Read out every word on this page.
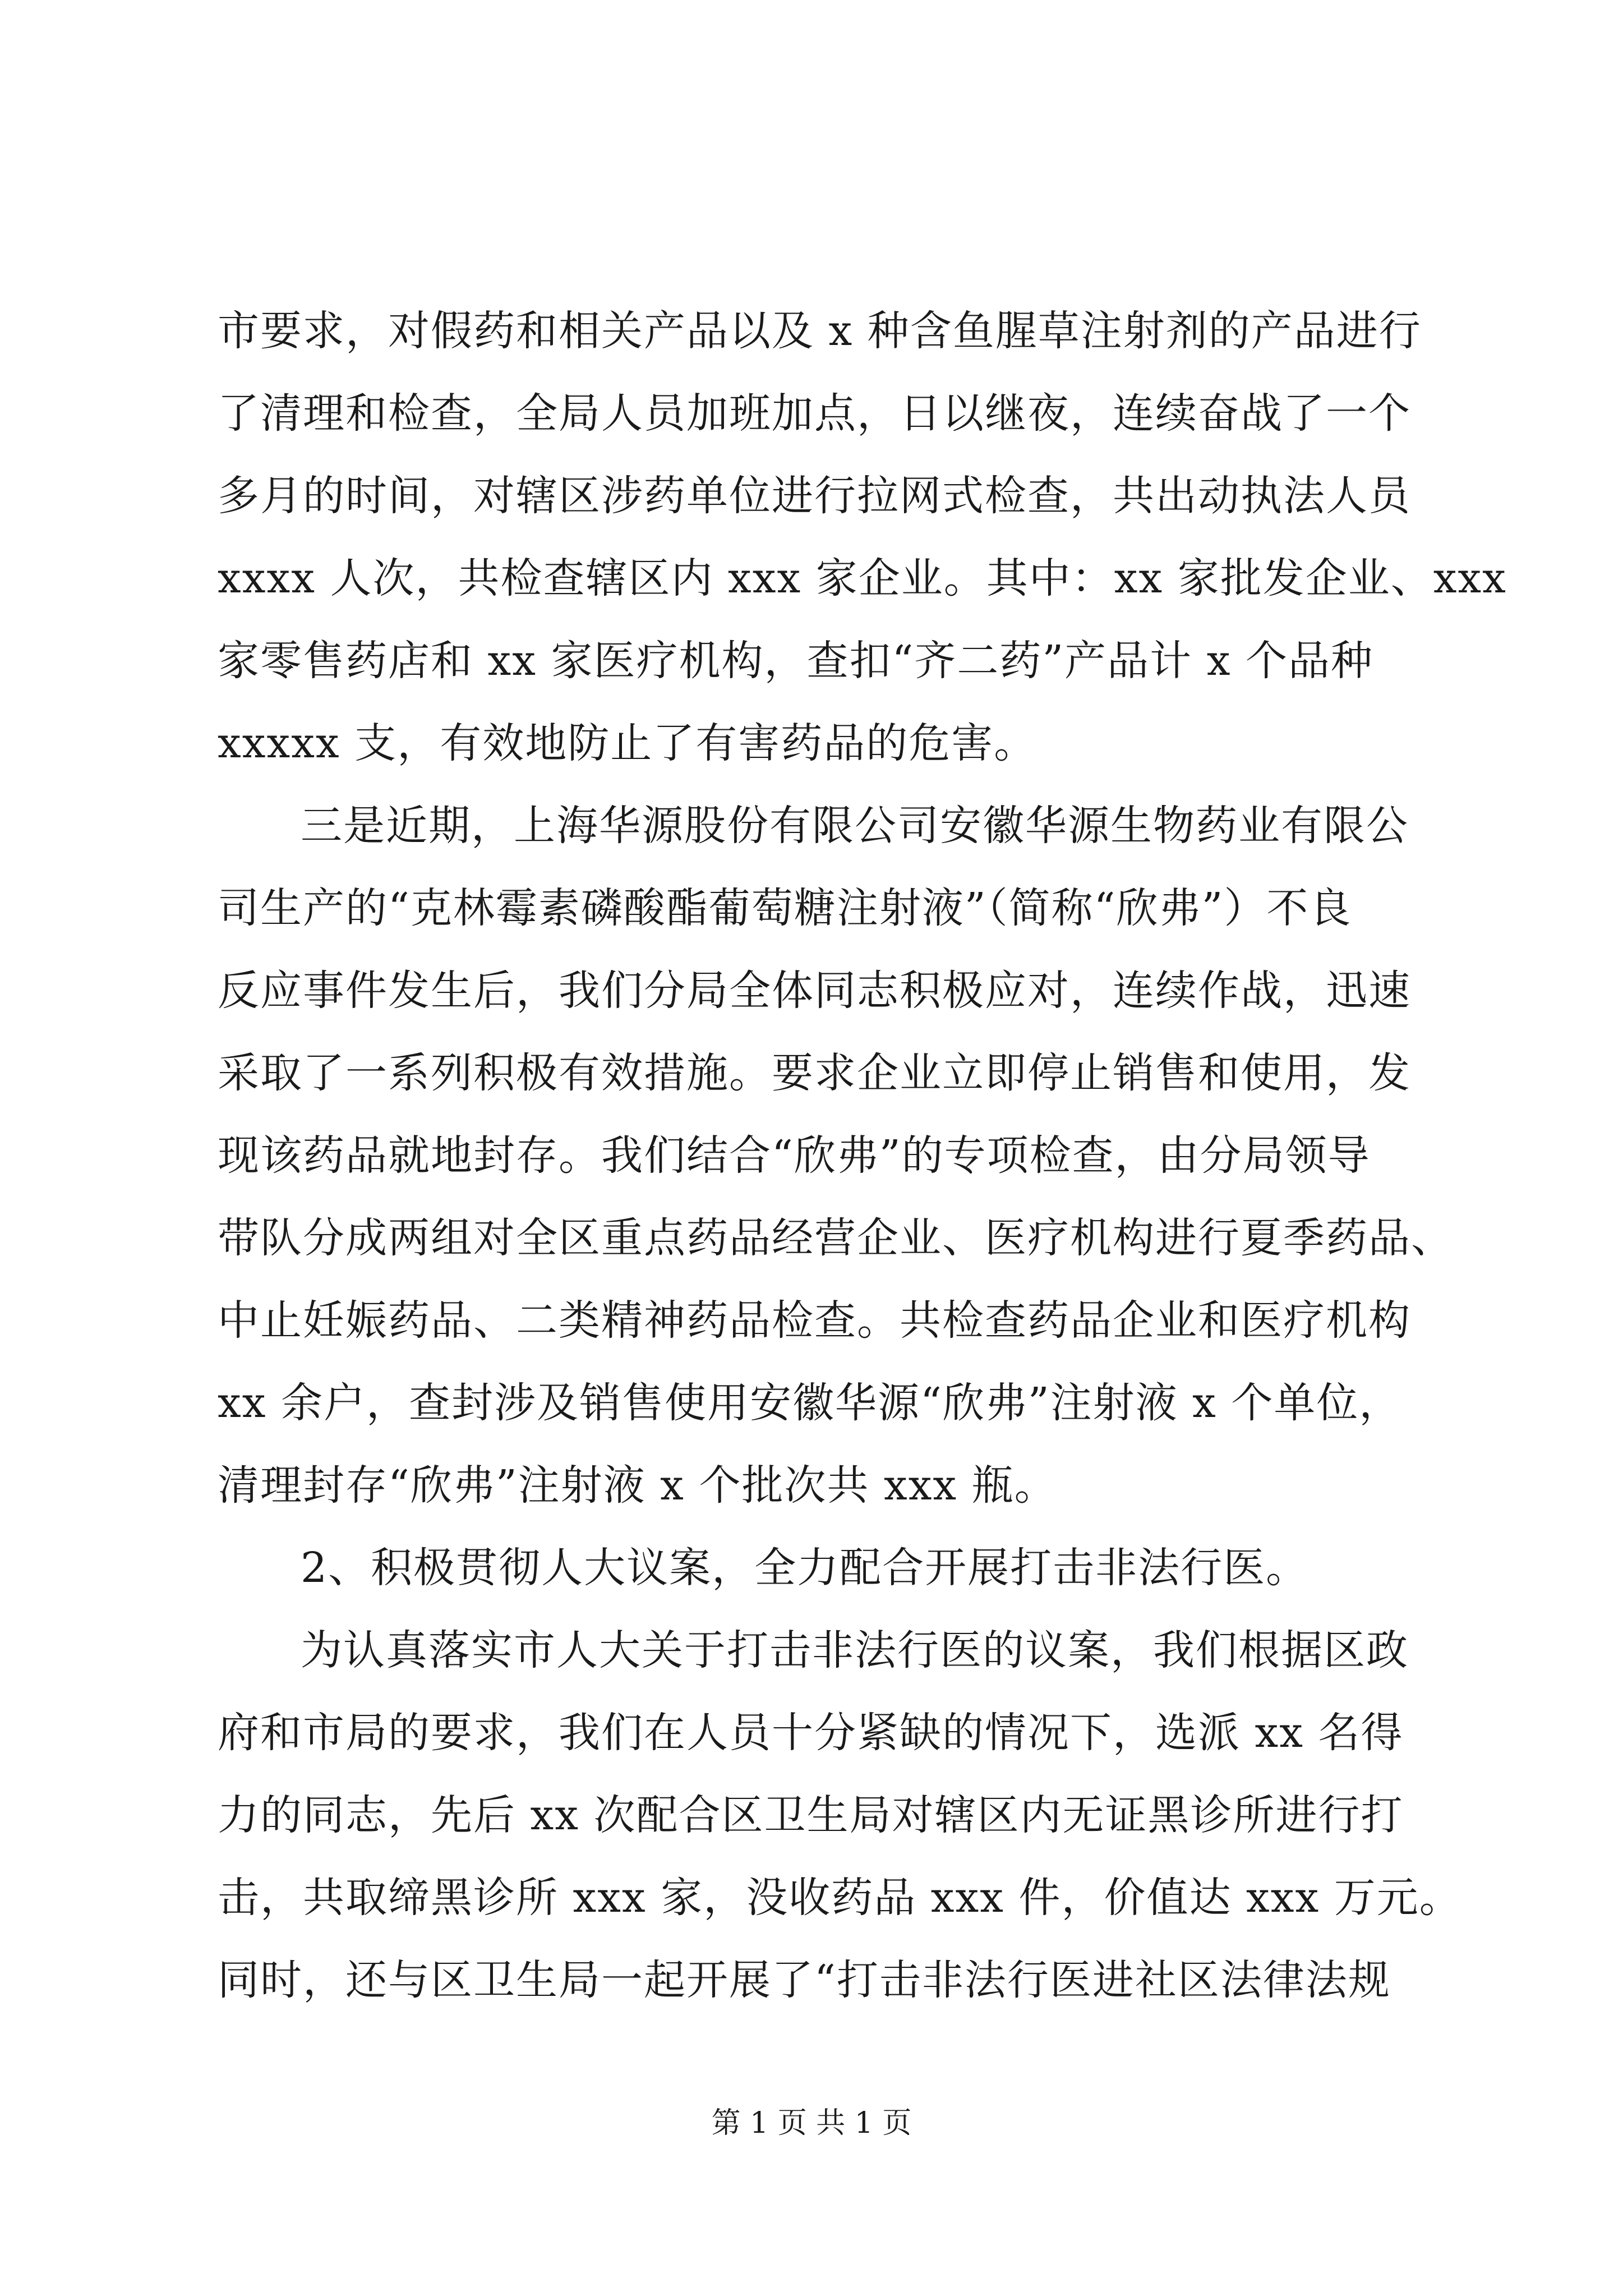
市要求，对假药和相关产品以及 x 种含鱼腥草注射剂的产品进行
了清理和检查，全局人员加班加点，日以继夜，连续奋战了一个
多月的时间，对辖区涉药单位进行拉网式检查，共出动执法人员
xxxx 人次，共检查辖区内 xxx 家企业。其中：xx 家批发企业、xxx
家零售药店和 xx 家医疗机构，查扣“齐二药”产品计 x 个品种
xxxxx 支，有效地防止了有害药品的危害。
三是近期，上海华源股份有限公司安徽华源生物药业有限公
司生产的“克林霉素磷酸酯葡萄糖注射液”（简称“欣弗”）不良
反应事件发生后，我们分局全体同志积极应对，连续作战，迅速
采取了一系列积极有效措施。要求企业立即停止销售和使用，发
现该药品就地封存。我们结合“欣弗”的专项检查，由分局领导
带队分成两组对全区重点药品经营企业、医疗机构进行夏季药品、
中止妊娠药品、二类精神药品检查。共检查药品企业和医疗机构
xx 余户，查封涉及销售使用安徽华源“欣弗”注射液 x 个单位，
清理封存“欣弗”注射液 x 个批次共 xxx 瓶。
2、积极贯彻人大议案，全力配合开展打击非法行医。
为认真落实市人大关于打击非法行医的议案，我们根据区政
府和市局的要求，我们在人员十分紧缺的情况下，选派 xx 名得
力的同志，先后 xx 次配合区卫生局对辖区内无证黑诊所进行打
击，共取缔黑诊所 xxx 家，没收药品 xxx 件，价值达 xxx 万元。
同时，还与区卫生局一起开展了“打击非法行医进社区法律法规
第 1 页 共 1 页
